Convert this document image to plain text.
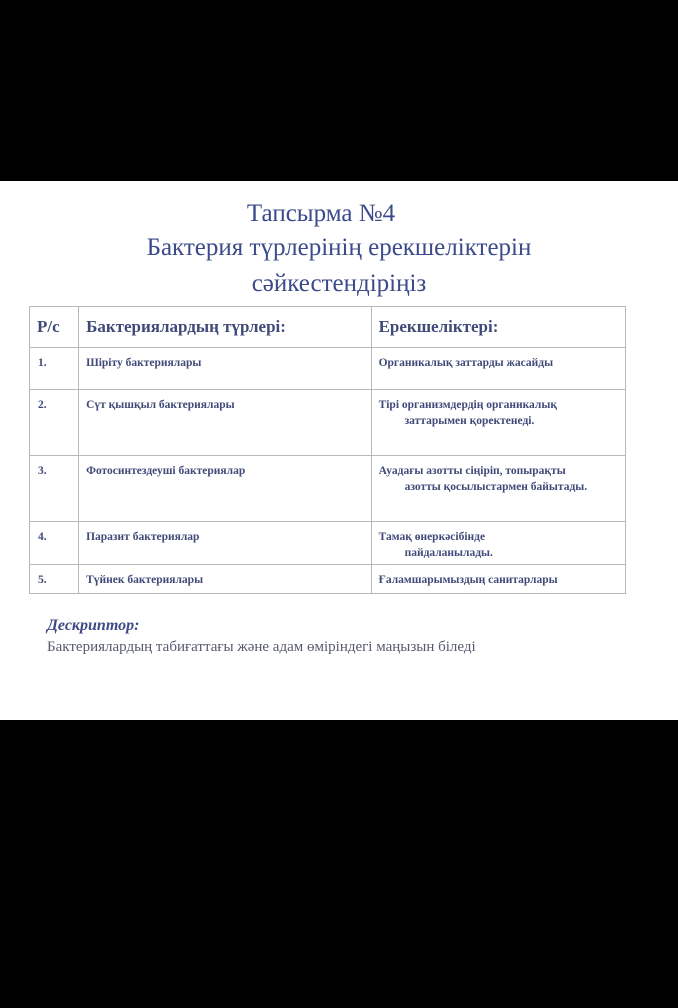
Тапсырма №4
Бактерия түрлерінің ерекшеліктерін
сәйкестендіріңіз
Р/с	Бактериялардың түрлері:	Ерекшеліктері:

1.	Шіріту бактериялары	Органикалық заттарды жасайды

2.	Сүт қышқыл бактериялары	Тірі организмдердің органикалық
заттарымен қоректенеді.

3.	Фотосинтездеуші бактериялар	Ауадағы азотты сіңіріп, топырақты
азотты қосылыстармен байытады.

4.	Паразит бактериялар	Тамақ өнеркәсібінде
пайдаланылады.

5.	Түйнек бактериялары	Ғаламшарымыздың санитарлары
Дескриптор:
Бактериялардың табиғаттағы және адам өміріндегі маңызын біледі
